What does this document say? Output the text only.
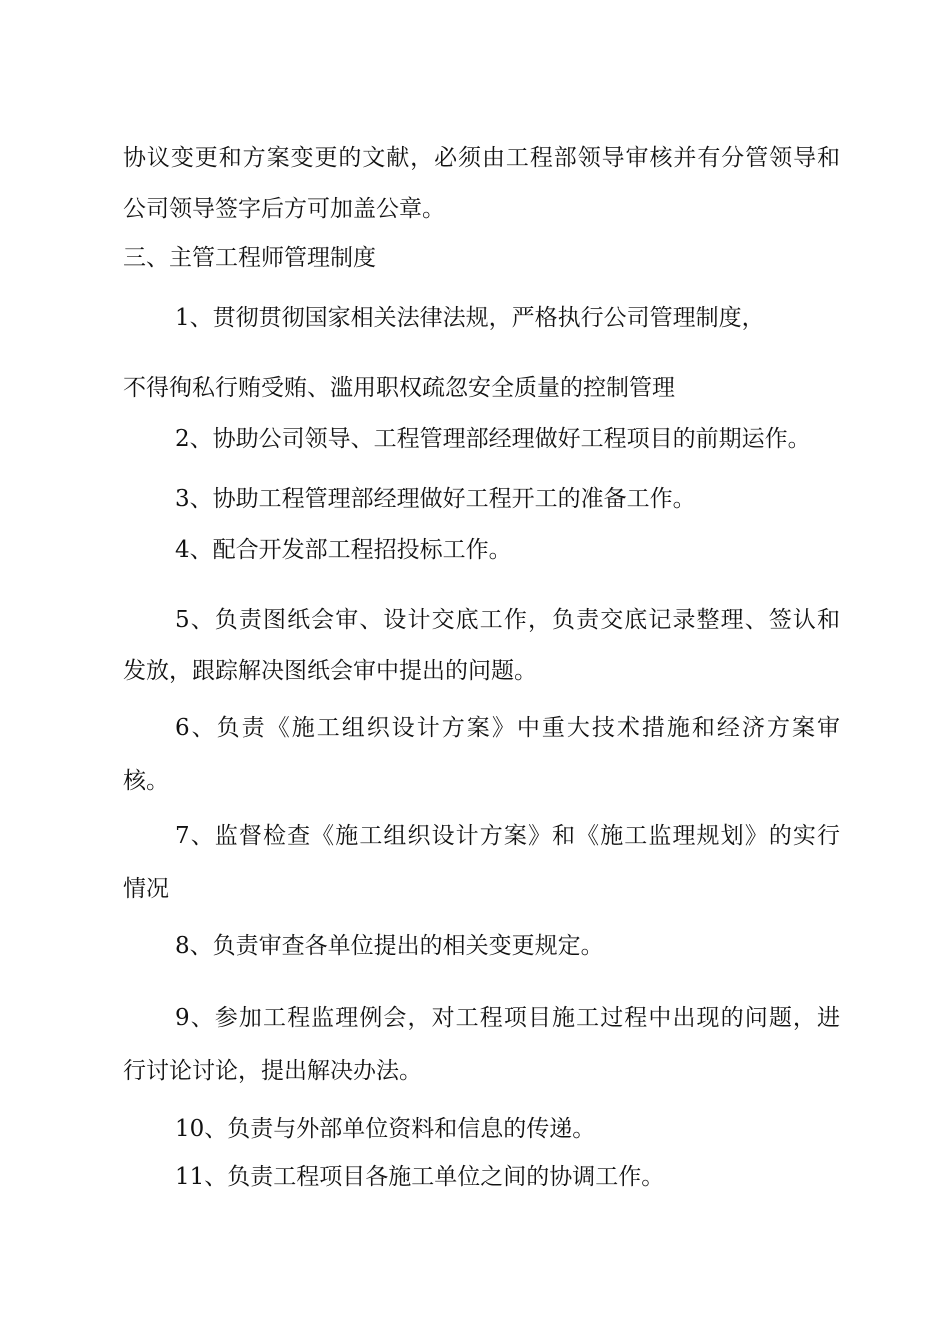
协议变更和方案变更的文献，必须由工程部领导审核并有分管领导和
公司领导签字后方可加盖公章。
三、主管工程师管理制度
1、贯彻贯彻国家相关法律法规，严格执行公司管理制度，
不得徇私行贿受贿、滥用职权疏忽安全质量的控制管理
2、协助公司领导、工程管理部经理做好工程项目的前期运作。
3、协助工程管理部经理做好工程开工的准备工作。
4、配合开发部工程招投标工作。
5、负责图纸会审、设计交底工作，负责交底记录整理、签认和
发放，跟踪解决图纸会审中提出的问题。
6、负责《施工组织设计方案》中重大技术措施和经济方案审
核。
7、监督检查《施工组织设计方案》和《施工监理规划》的实行
情况
8、负责审查各单位提出的相关变更规定。
9、参加工程监理例会，对工程项目施工过程中出现的问题，进
行讨论讨论，提出解决办法。
10、负责与外部单位资料和信息的传递。
11、负责工程项目各施工单位之间的协调工作。
